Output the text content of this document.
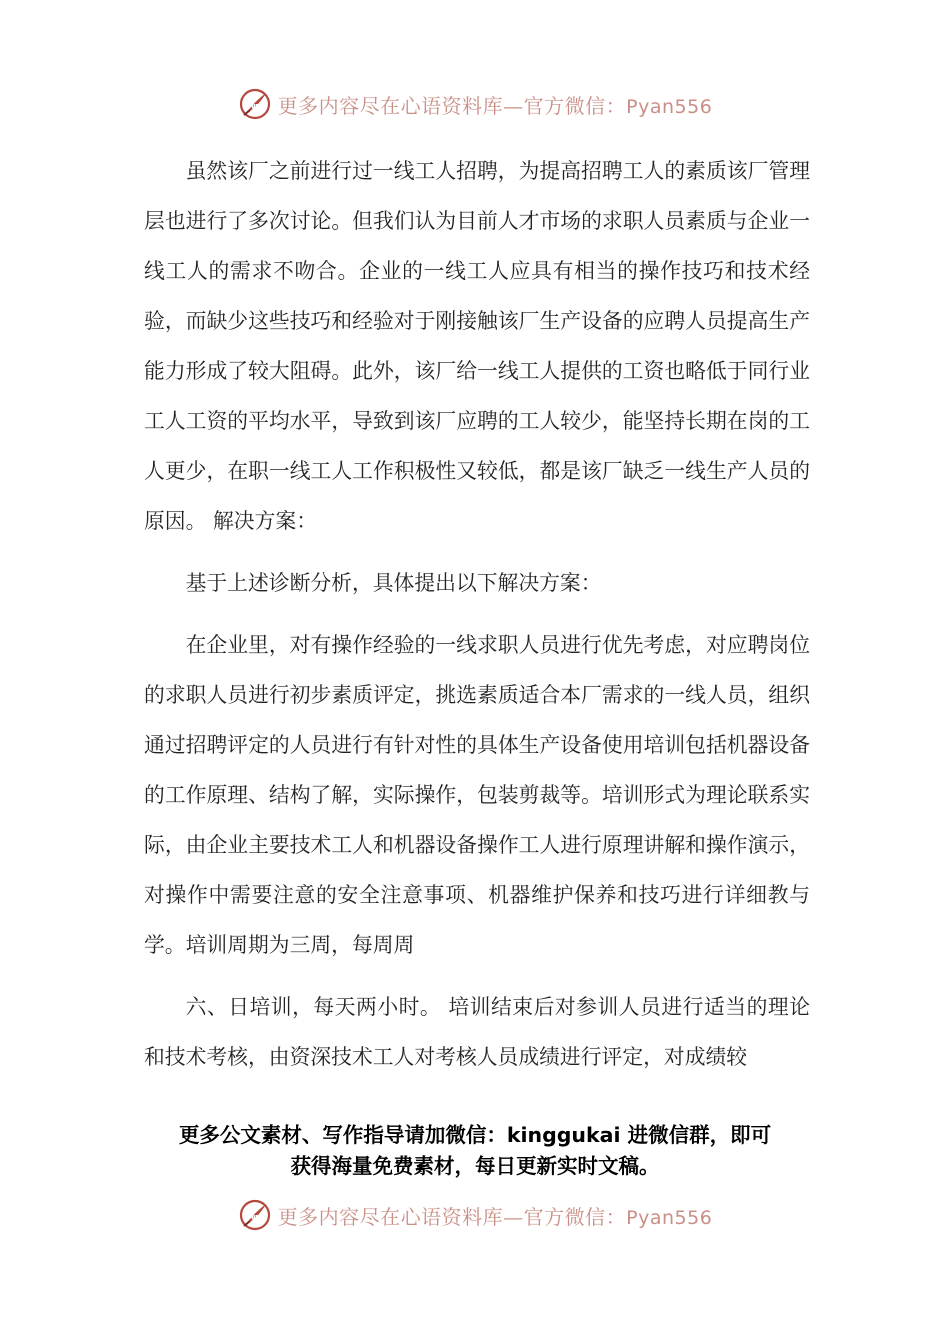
ψ 更多内容尽在心语资料库—官方微信：Pyan556

虽然该厂之前进行过一线工人招聘，为提高招聘工人的素质该厂管理层也进行了多次讨论。但我们认为目前人才市场的求职人员素质与企业一线工人的需求不吻合。企业的一线工人应具有相当的操作技巧和技术经验，而缺少这些技巧和经验对于刚接触该厂生产设备的应聘人员提高生产能力形成了较大阻碍。此外，该厂给一线工人提供的工资也略低于同行业工人工资的平均水平，导致到该厂应聘的工人较少，能坚持长期在岗的工人更少，在职一线工人工作积极性又较低，都是该厂缺乏一线生产人员的原因。 解决方案：

基于上述诊断分析，具体提出以下解决方案：

在企业里，对有操作经验的一线求职人员进行优先考虑，对应聘岗位的求职人员进行初步素质评定，挑选素质适合本厂需求的一线人员，组织通过招聘评定的人员进行有针对性的具体生产设备使用培训包括机器设备的工作原理、结构了解，实际操作，包装剪裁等。培训形式为理论联系实际，由企业主要技术工人和机器设备操作工人进行原理讲解和操作演示，对操作中需要注意的安全注意事项、机器维护保养和技巧进行详细教与学。培训周期为三周，每周周

六、日培训，每天两小时。 培训结束后对参训人员进行适当的理论和技术考核，由资深技术工人对考核人员成绩进行评定，对成绩较

更多公文素材、写作指导请加微信：kinggukai 进微信群，即可
获得海量免费素材，每日更新实时文稿。
ψ 更多内容尽在心语资料库—官方微信：Pyan556
